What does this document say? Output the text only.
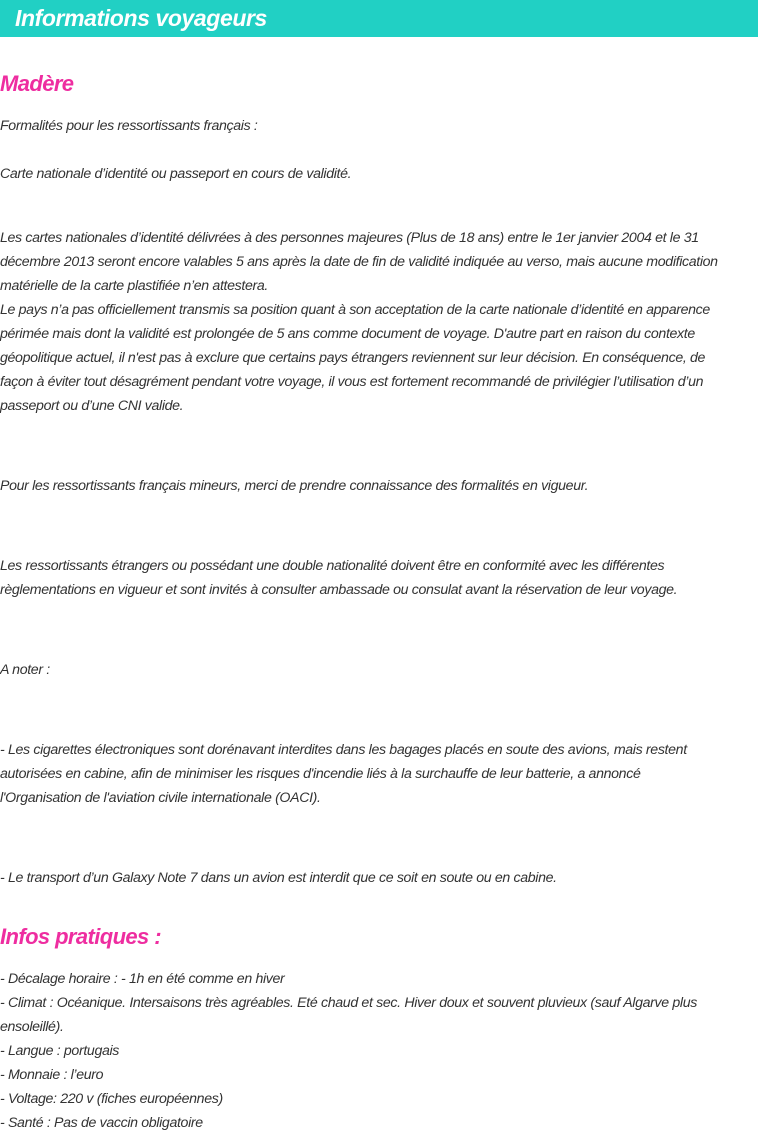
Informations voyageurs
Madère

Formalités pour les ressortissants français :

Carte nationale d’identité ou passeport en cours de validité.

Les cartes nationales d’identité délivrées à des personnes majeures (Plus de 18 ans) entre le 1er janvier 2004 et le 31
décembre 2013 seront encore valables 5 ans après la date de fin de validité indiquée au verso, mais aucune modification
matérielle de la carte plastifiée n’en attestera.
Le pays n’a pas officiellement transmis sa position quant à son acceptation de la carte nationale d’identité en apparence
périmée mais dont la validité est prolongée de 5 ans comme document de voyage. D'autre part en raison du contexte
géopolitique actuel, il n'est pas à exclure que certains pays étrangers reviennent sur leur décision. En conséquence, de
façon à éviter tout désagrément pendant votre voyage, il vous est fortement recommandé de privilégier l’utilisation d’un
passeport ou d’une CNI valide.

Pour les ressortissants français mineurs, merci de prendre connaissance des formalités en vigueur.

Les ressortissants étrangers ou possédant une double nationalité doivent être en conformité avec les différentes
règlementations en vigueur et sont invités à consulter ambassade ou consulat avant la réservation de leur voyage.

A noter :

- Les cigarettes électroniques sont dorénavant interdites dans les bagages placés en soute des avions, mais restent
autorisées en cabine, afin de minimiser les risques d'incendie liés à la surchauffe de leur batterie, a annoncé
l'Organisation de l'aviation civile internationale (OACI).

- Le transport d’un Galaxy Note 7 dans un avion est interdit que ce soit en soute ou en cabine.

Infos pratiques :

- Décalage horaire : - 1h en été comme en hiver
- Climat : Océanique. Intersaisons très agréables. Eté chaud et sec. Hiver doux et souvent pluvieux (sauf Algarve plus
ensoleillé).
- Langue : portugais
- Monnaie : l’euro
- Voltage: 220 v (fiches européennes)
- Santé : Pas de vaccin obligatoire
